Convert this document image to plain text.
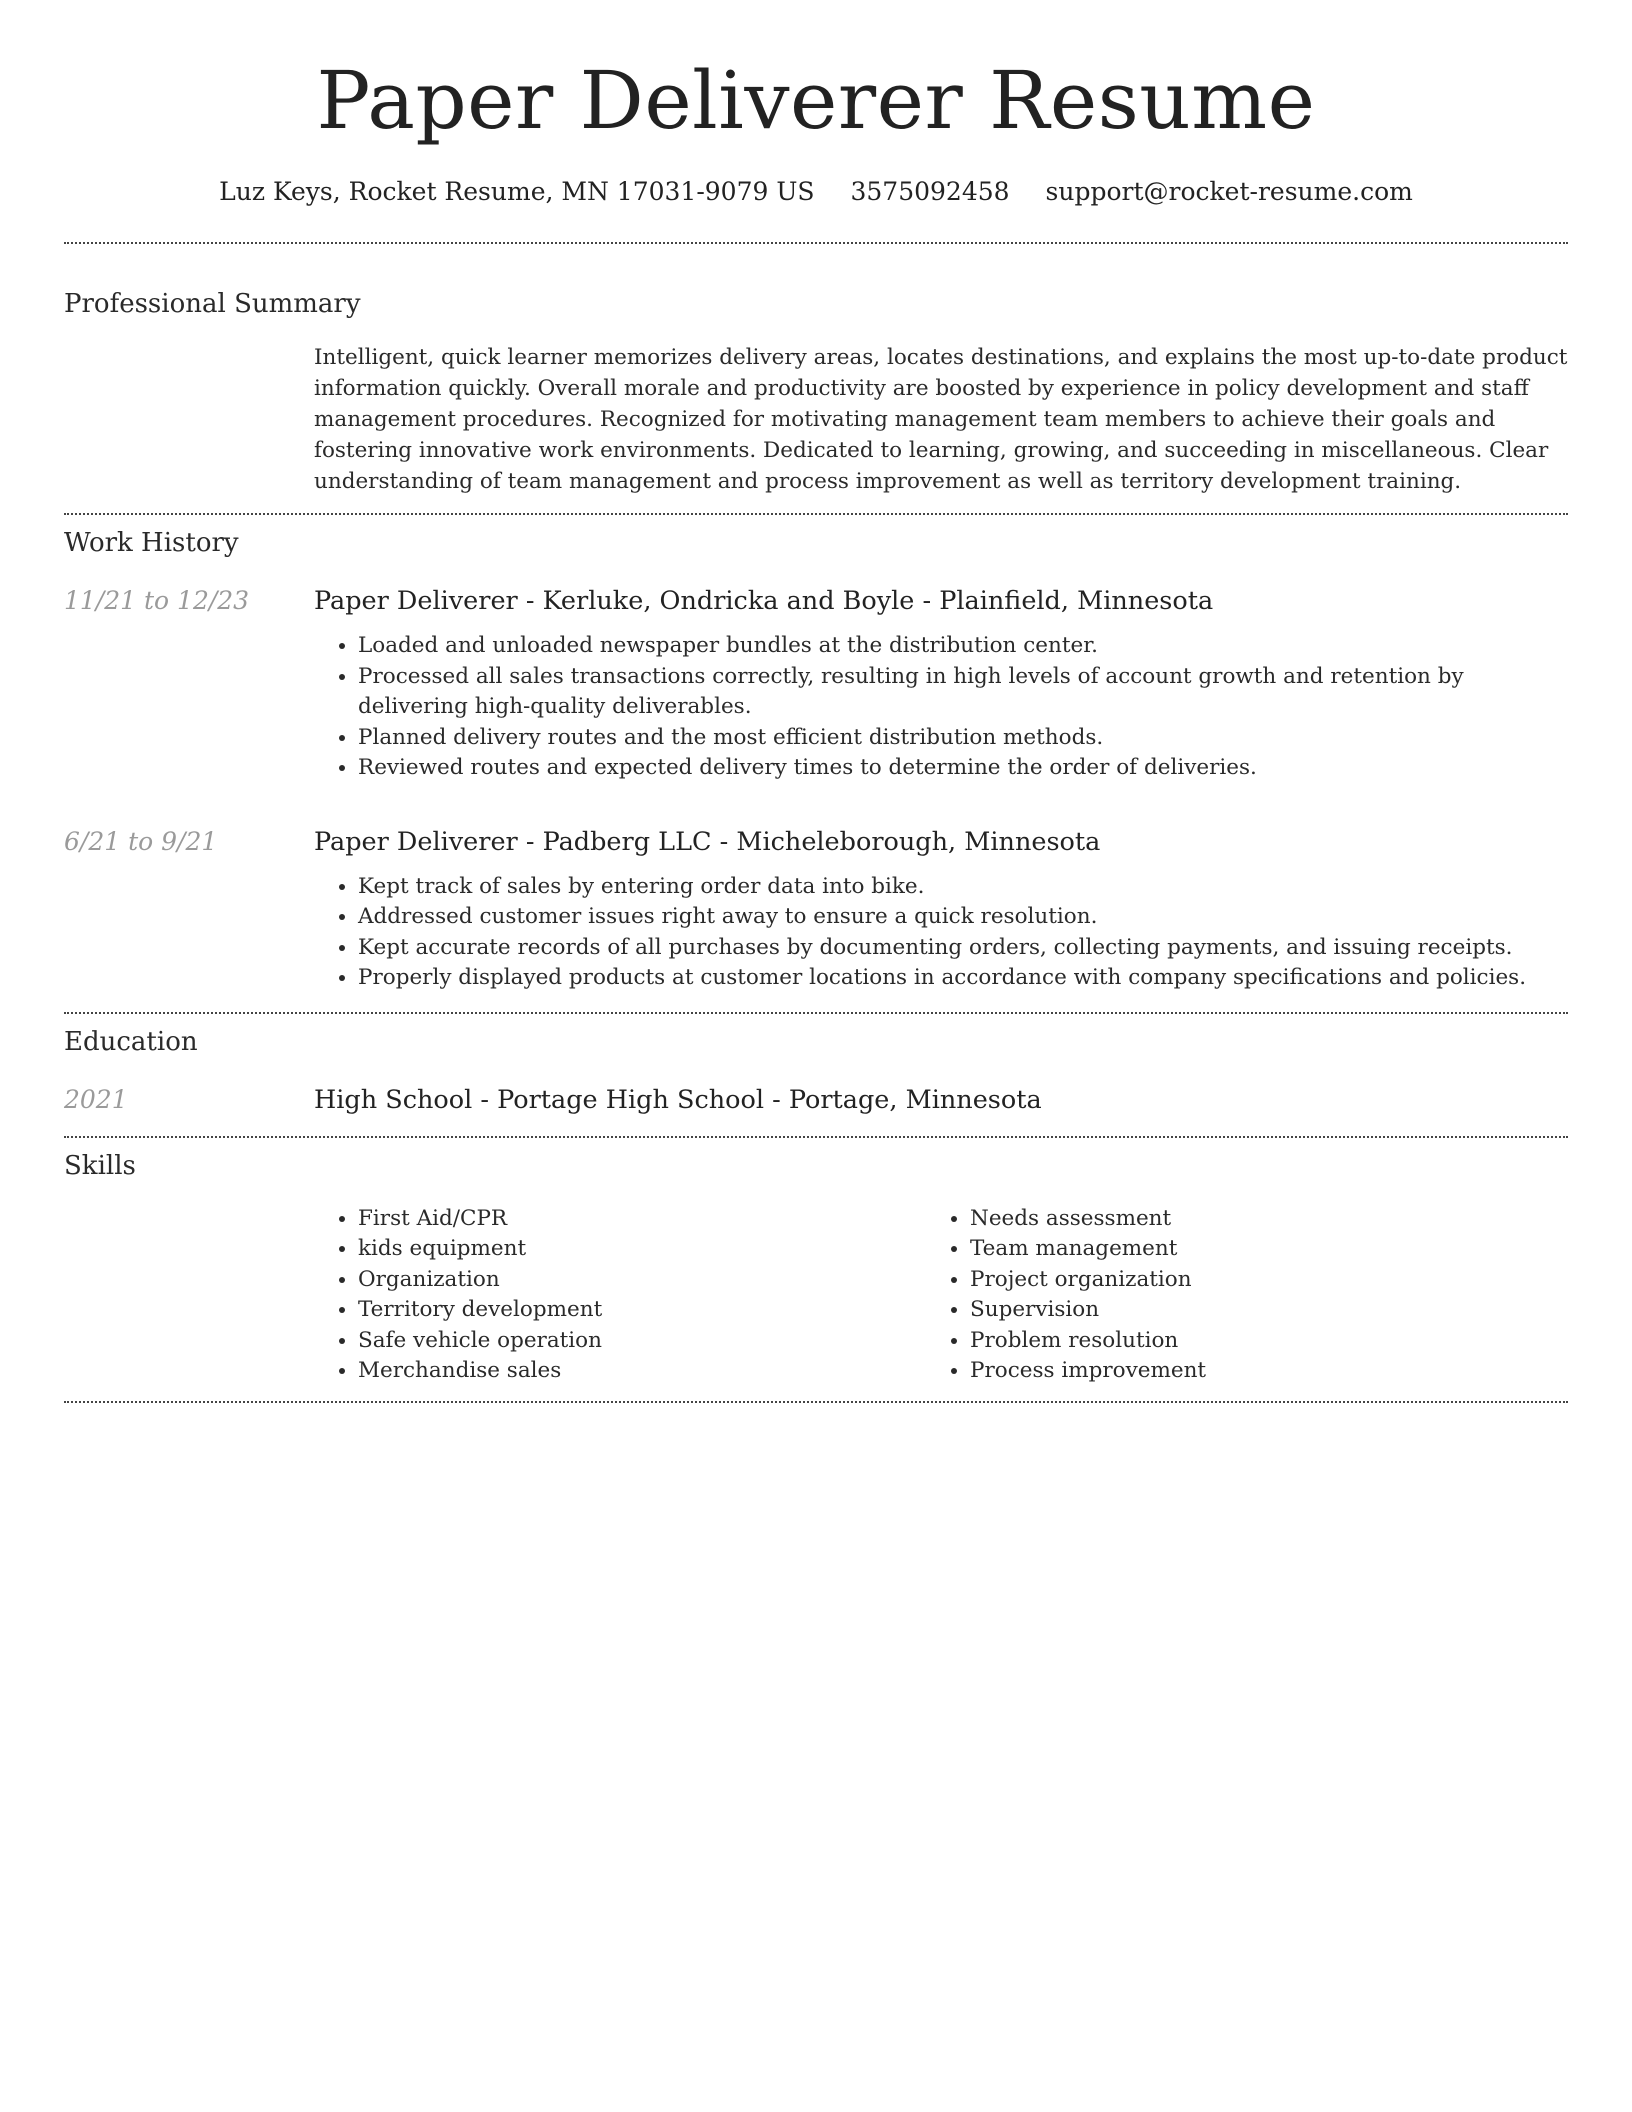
Paper Deliverer Resume
Luz Keys, Rocket Resume, MN 17031-9079 US 3575092458 support@rocket-resume.com
Professional Summary

Intelligent, quick learner memorizes delivery areas, locates destinations, and explains the most up-to-date product information quickly. Overall morale and productivity are boosted by experience in policy development and staff management procedures. Recognized for motivating management team members to achieve their goals and fostering innovative work environments. Dedicated to learning, growing, and succeeding in miscellaneous. Clear understanding of team management and process improvement as well as territory development training.

Work History
11/21 to 12/23	Paper Deliverer - Kerluke, Ondricka and Boyle - Plainfield, Minnesota
• Loaded and unloaded newspaper bundles at the distribution center.
• Processed all sales transactions correctly, resulting in high levels of account growth and retention by delivering high-quality deliverables.
• Planned delivery routes and the most efficient distribution methods.
• Reviewed routes and expected delivery times to determine the order of deliveries.
6/21 to 9/21	Paper Deliverer - Padberg LLC - Micheleborough, Minnesota
• Kept track of sales by entering order data into bike.
• Addressed customer issues right away to ensure a quick resolution.
• Kept accurate records of all purchases by documenting orders, collecting payments, and issuing receipts.
• Properly displayed products at customer locations in accordance with company specifications and policies.
Education
2021	High School - Portage High School - Portage, Minnesota
Skills
• First Aid/CPR
• kids equipment
• Organization
• Territory development
• Safe vehicle operation
• Merchandise sales
• Needs assessment
• Team management
• Project organization
• Supervision
• Problem resolution
• Process improvement
